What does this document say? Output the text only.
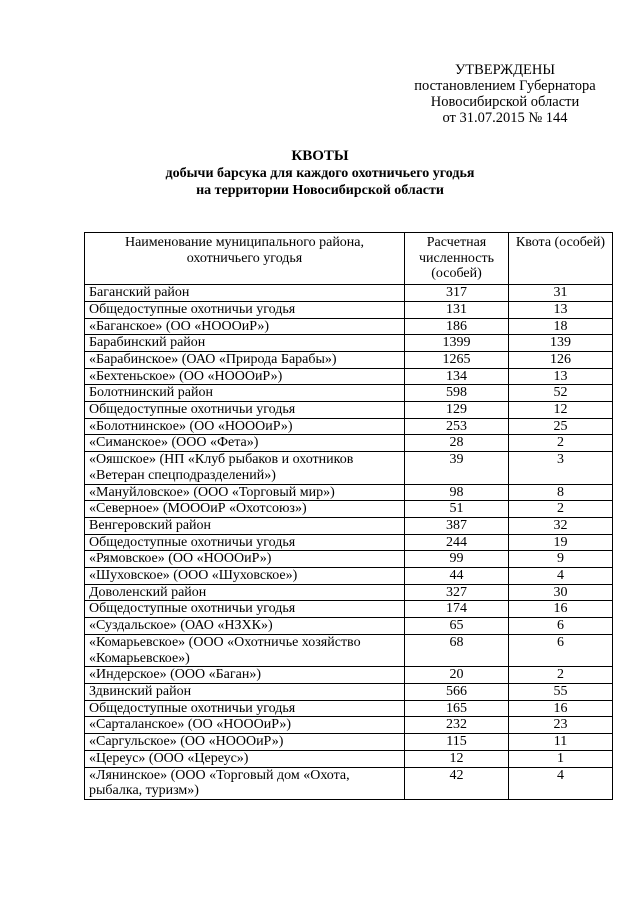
УТВЕРЖДЕНЫ
постановлением Губернатора
Новосибирской области
от 31.07.2015 № 144
КВОТЫ
добычи барсука для каждого охотничьего угодья
на территории Новосибирской области
Наименование муниципального района, охотничьего угодья	Расчетная численность (особей)	Квота (особей)
Баганский район	317	31
Общедоступные охотничьи угодья	131	13
«Баганское» (ОО «НОООиР»)	186	18
Барабинский район	1399	139
«Барабинское» (ОАО «Природа Барабы»)	1265	126
«Бехтеньское» (ОО «НОООиР»)	134	13
Болотнинский район	598	52
Общедоступные охотничьи угодья	129	12
«Болотнинское» (ОО «НОООиР»)	253	25
«Симанское» (ООО «Фета»)	28	2
«Ояшское» (НП «Клуб рыбаков и охотников «Ветеран спецподразделений»)	39	3
«Мануйловское» (ООО «Торговый мир»)	98	8
«Северное» (МОООиР «Охотсоюз»)	51	2
Венгеровский район	387	32
Общедоступные охотничьи угодья	244	19
«Рямовское» (ОО «НОООиР»)	99	9
«Шуховское» (ООО «Шуховское»)	44	4
Доволенский район	327	30
Общедоступные охотничьи угодья	174	16
«Суздальское» (ОАО «НЗХК»)	65	6
«Комарьевское» (ООО «Охотничье хозяйство «Комарьевское»)	68	6
«Индерское» (ООО «Баган»)	20	2
Здвинский район	566	55
Общедоступные охотничьи угодья	165	16
«Сарталанское» (ОО «НОООиР»)	232	23
«Саргульское» (ОО «НОООиР»)	115	11
«Цереус» (ООО «Цереус»)	12	1
«Лянинское» (ООО «Торговый дом «Охота, рыбалка, туризм»)	42	4
